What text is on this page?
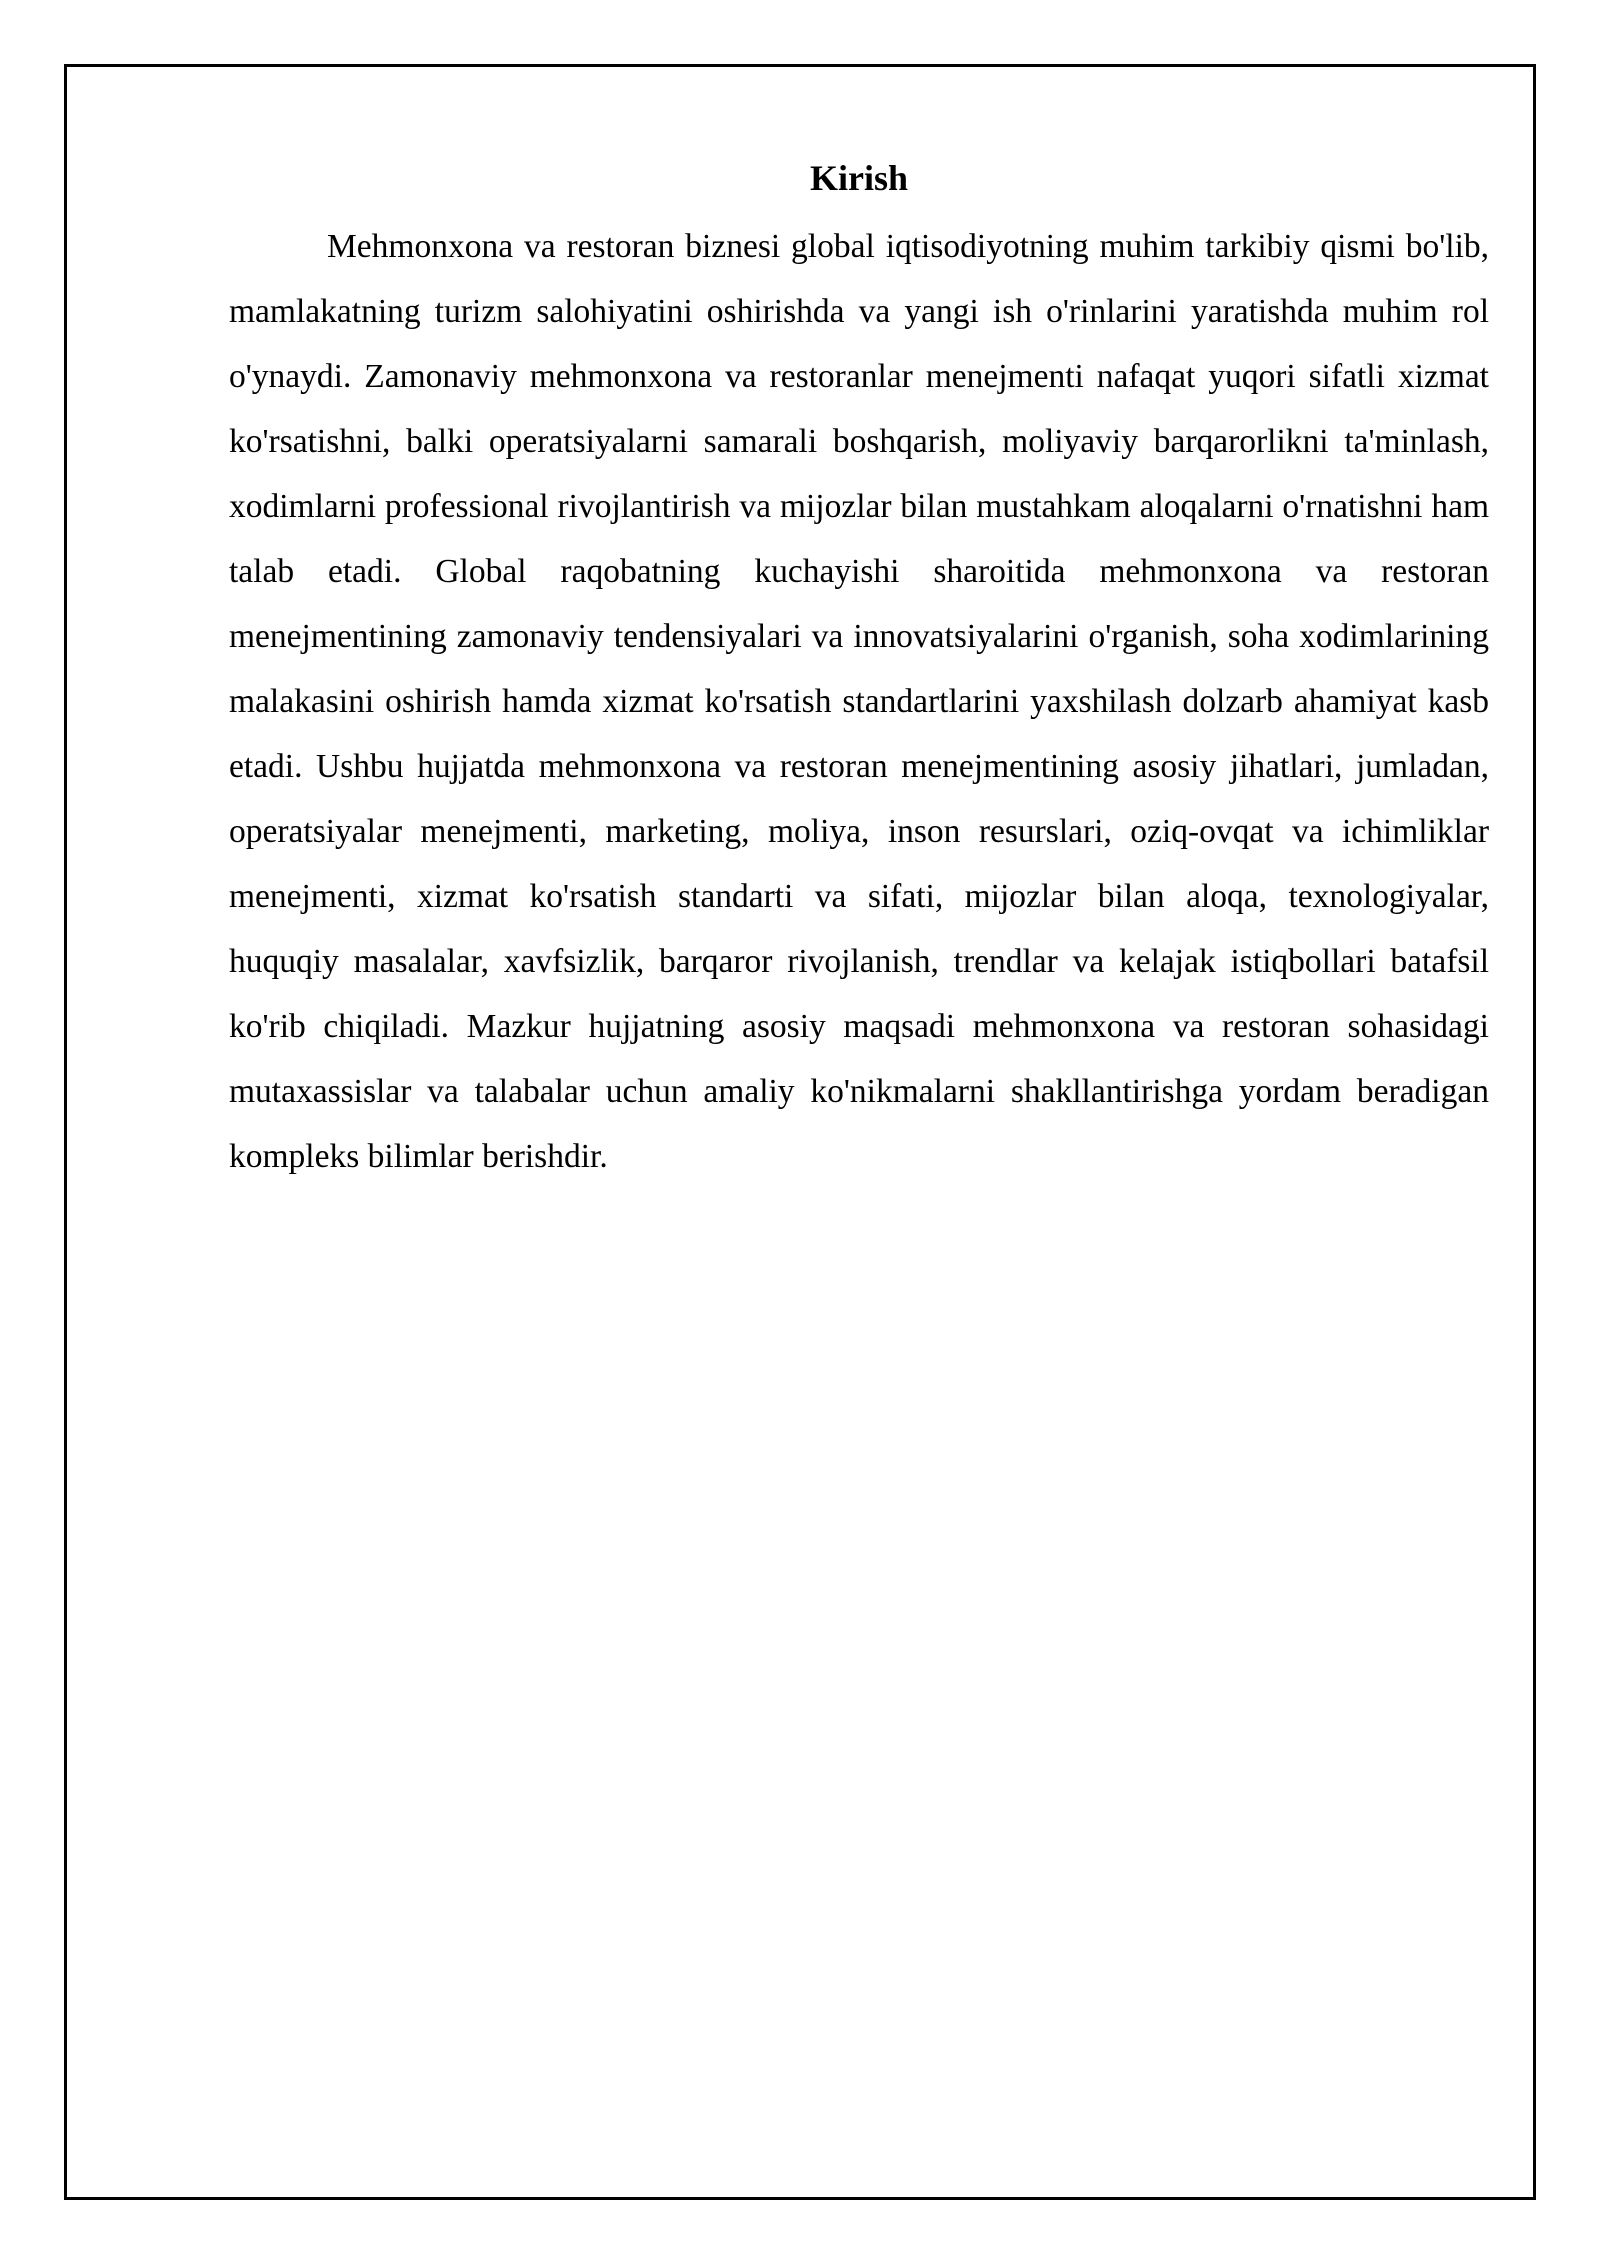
Kirish

Mehmonxona va restoran biznesi global iqtisodiyotning muhim tarkibiy qismi bo'lib, mamlakatning turizm salohiyatini oshirishda va yangi ish o'rinlarini yaratishda muhim rol o'ynaydi. Zamonaviy mehmonxona va restoranlar menejmenti nafaqat yuqori sifatli xizmat ko'rsatishni, balki operatsiyalarni samarali boshqarish, moliyaviy barqarorlikni ta'minlash, xodimlarni professional rivojlantirish va mijozlar bilan mustahkam aloqalarni o'rnatishni ham talab etadi. Global raqobatning kuchayishi sharoitida mehmonxona va restoran menejmentining zamonaviy tendensiyalari va innovatsiyalarini o'rganish, soha xodimlarining malakasini oshirish hamda xizmat ko'rsatish standartlarini yaxshilash dolzarb ahamiyat kasb etadi. Ushbu hujjatda mehmonxona va restoran menejmentining asosiy jihatlari, jumladan, operatsiyalar menejmenti, marketing, moliya, inson resurslari, oziq-ovqat va ichimliklar menejmenti, xizmat ko'rsatish standarti va sifati, mijozlar bilan aloqa, texnologiyalar, huquqiy masalalar, xavfsizlik, barqaror rivojlanish, trendlar va kelajak istiqbollari batafsil ko'rib chiqiladi. Mazkur hujjatning asosiy maqsadi mehmonxona va restoran sohasidagi mutaxassislar va talabalar uchun amaliy ko'nikmalarni shakllantirishga yordam beradigan kompleks bilimlar berishdir.
